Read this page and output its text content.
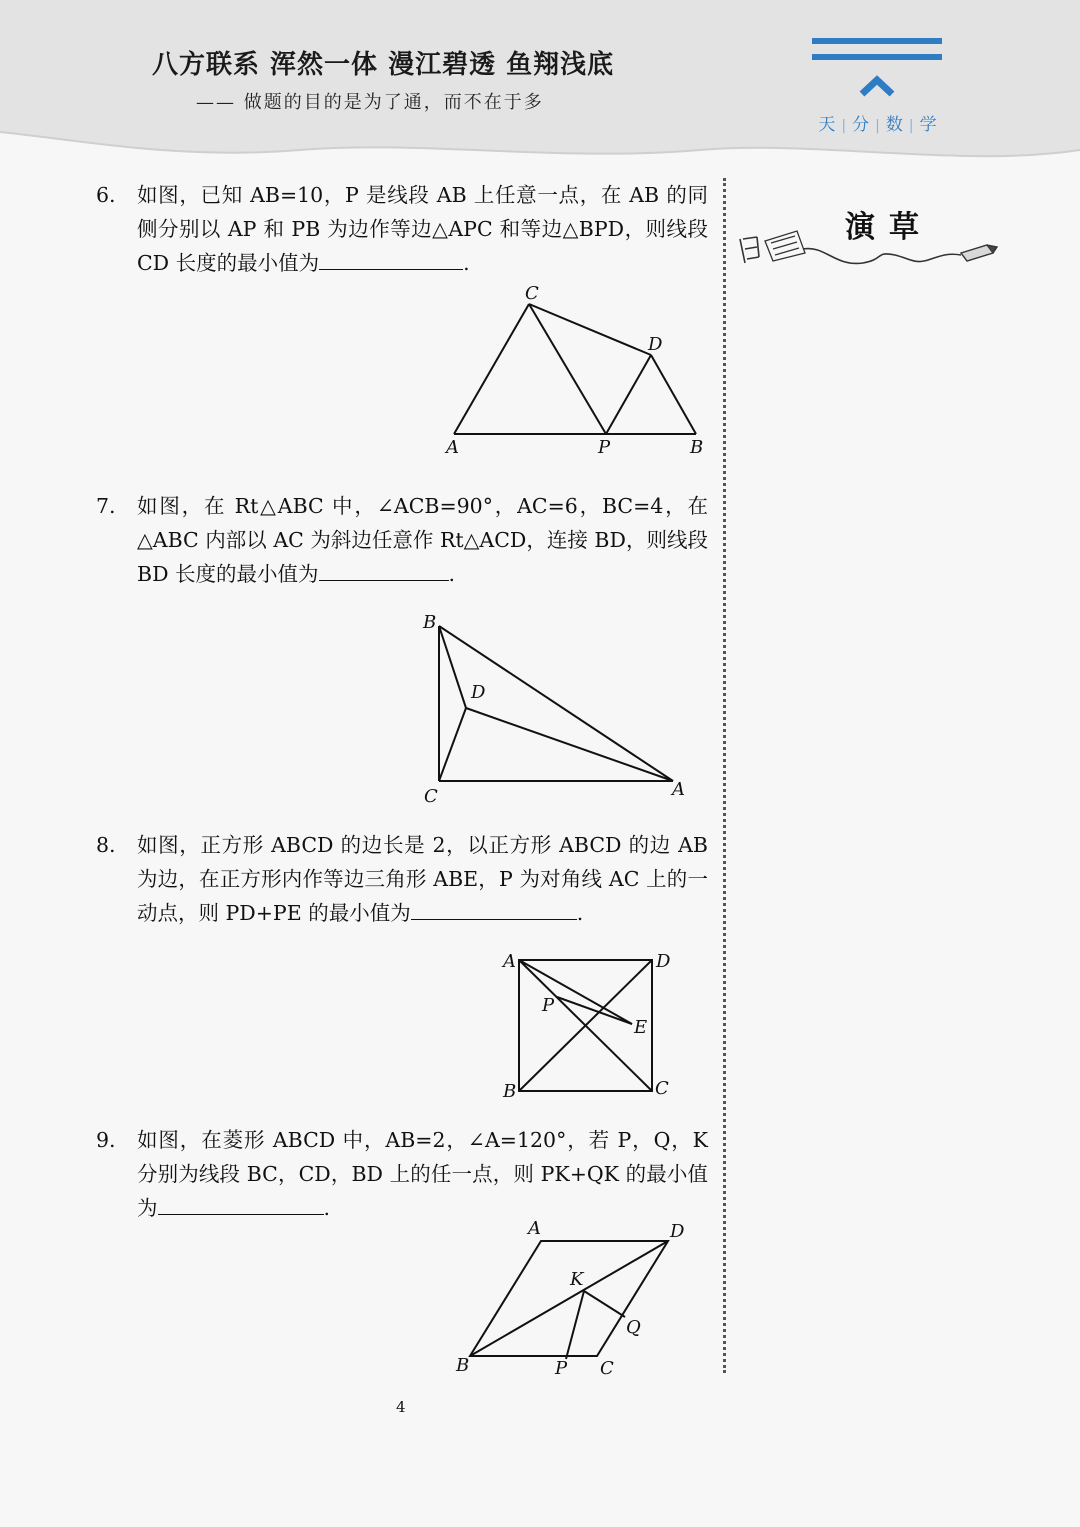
八方联系 浑然一体 漫江碧透 鱼翔浅底
—— 做题的目的是为了通，而不在于多
天 | 分 | 数 | 学
演草
6. 如图，已知 AB=10，P 是线段 AB 上任意一点，在 AB 的同侧分别以 AP 和 PB 为边作等边△APC 和等边△BPD，则线段 CD 长度的最小值为	.
A	P	B
C
D
7. 如图，在 Rt△ABC 中，∠ACB=90°，AC=6，BC=4，在△ABC 内部以 AC 为斜边任意作 Rt△ACD，连接 BD，则线段 BD 长度的最小值为	.
B
D
C	A
8. 如图，正方形 ABCD 的边长是 2，以正方形 ABCD 的边 AB 为边，在正方形内作等边三角形 ABE，P 为对角线 AC 上的一动点，则 PD+PE 的最小值为	.
A	D
P
E
B	C
9. 如图，在菱形 ABCD 中，AB=2，∠A=120°，若 P，Q，K 分别为线段 BC，CD，BD 上的任一点，则 PK+QK 的最小值为	.
A	D
K
Q
B	P C
4
